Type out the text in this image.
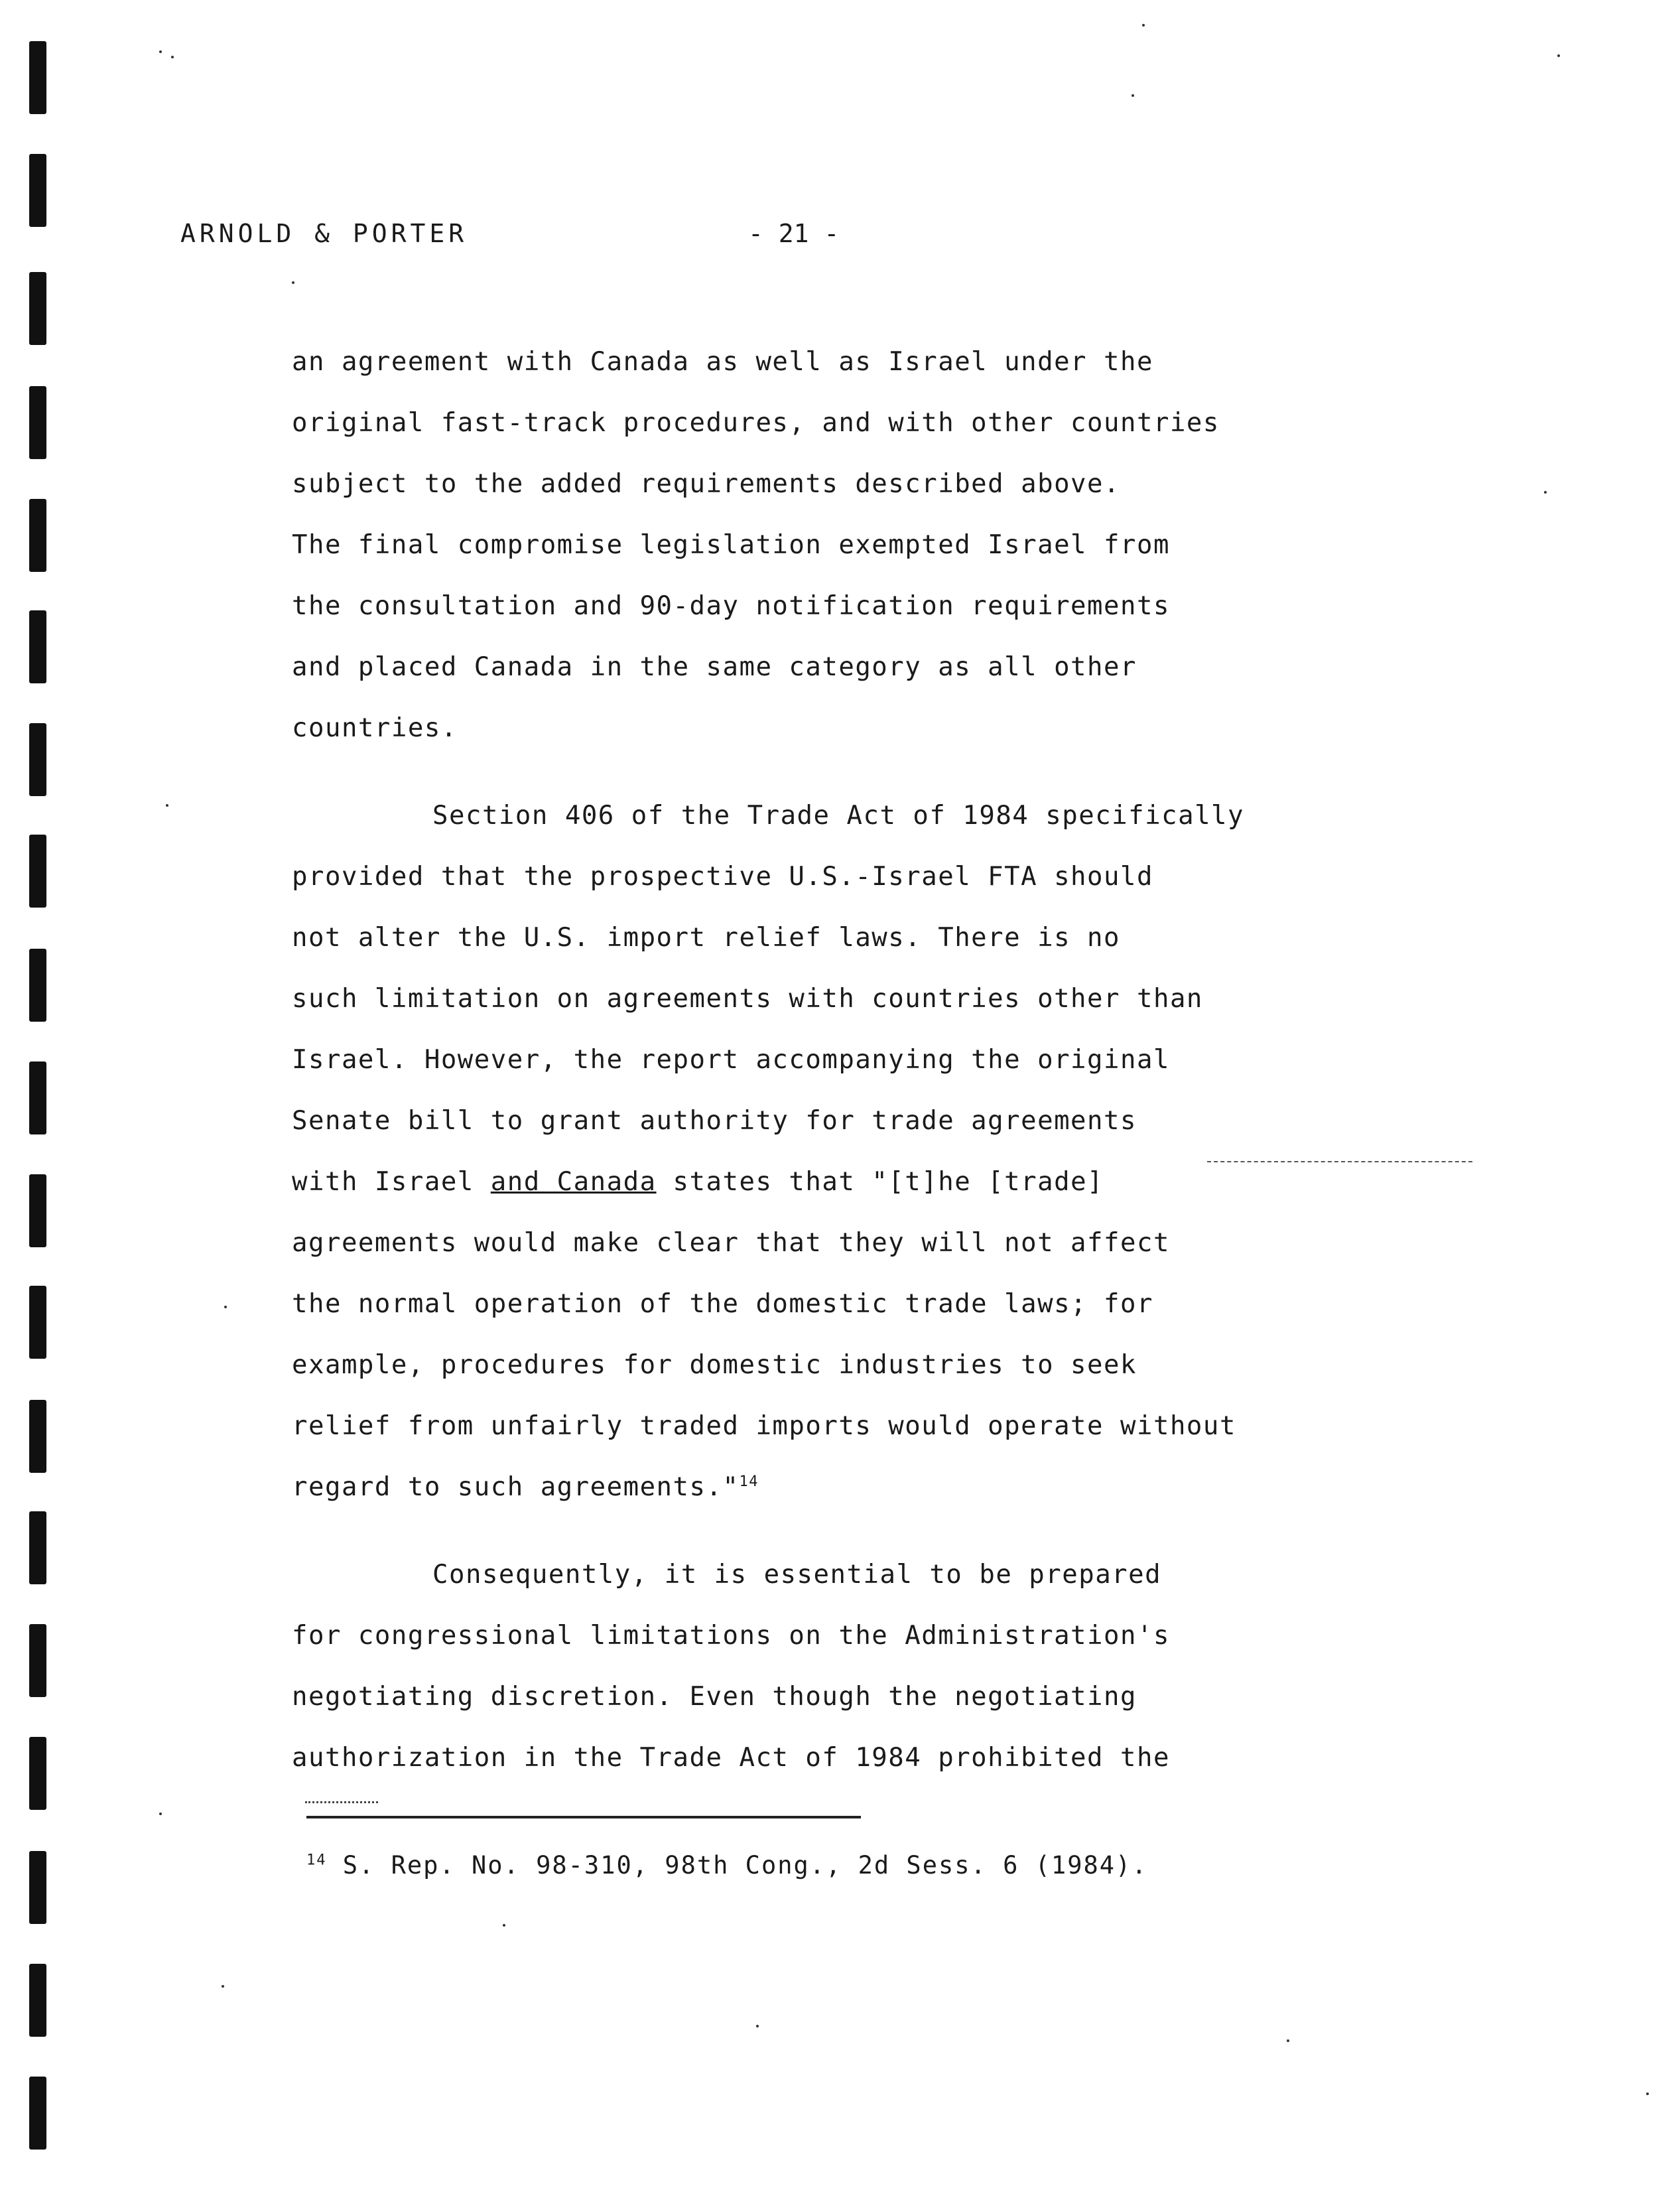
ARNOLD & PORTER	- 21 -
an agreement with Canada as well as Israel under the
original fast-track procedures, and with other countries
subject to the added requirements described above.
The final compromise legislation exempted Israel from
the consultation and 90-day notification requirements
and placed Canada in the same category as all other
countries.
Section 406 of the Trade Act of 1984 specifically
provided that the prospective U.S.-Israel FTA should
not alter the U.S. import relief laws. There is no
such limitation on agreements with countries other than
Israel. However, the report accompanying the original
Senate bill to grant authority for trade agreements
with Israel and Canada states that "[t]he [trade]
agreements would make clear that they will not affect
the normal operation of the domestic trade laws; for
example, procedures for domestic industries to seek
relief from unfairly traded imports would operate without
regard to such agreements."$^{14}$
Consequently, it is essential to be prepared
for congressional limitations on the Administration's
negotiating discretion. Even though the negotiating
authorization in the Trade Act of 1984 prohibited the
$^{14}$ S. Rep. No. 98-310, 98th Cong., 2d Sess. 6 (1984).
